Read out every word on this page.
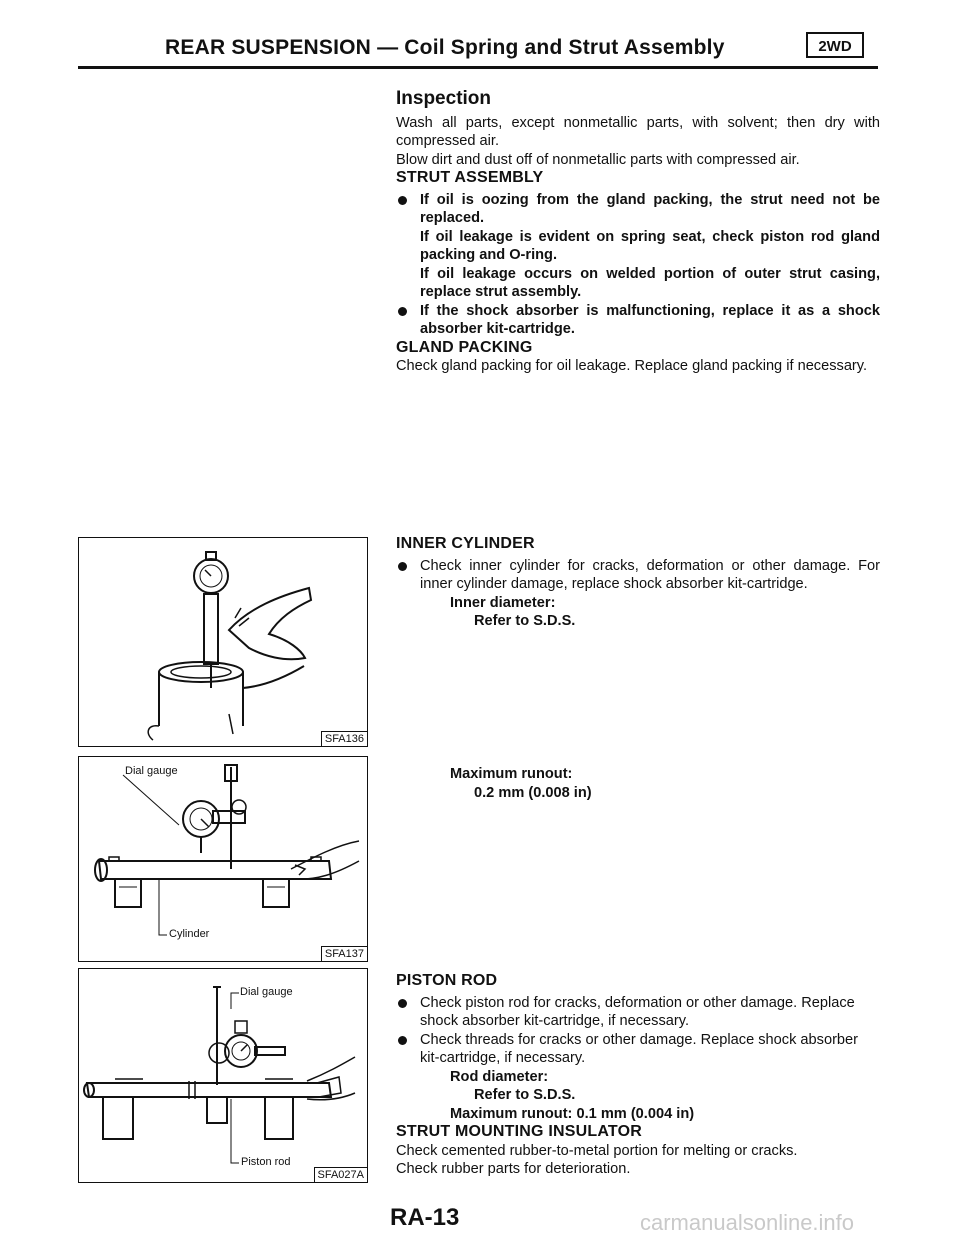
REAR SUSPENSION — Coil Spring and Strut Assembly	2WD
Inspection

Wash all parts, except nonmetallic parts, with solvent; then dry with compressed air.

Blow dirt and dust off of nonmetallic parts with compressed air.

STRUT ASSEMBLY

If oil is oozing from the gland packing, the strut need not be replaced.

If oil leakage is evident on spring seat, check piston rod gland packing and O-ring.

If oil leakage occurs on welded portion of outer strut casing, replace strut assembly.

If the shock absorber is malfunctioning, replace it as a shock absorber kit-cartridge.

GLAND PACKING

Check gland packing for oil leakage. Replace gland packing if necessary.

INNER CYLINDER

Check inner cylinder for cracks, deformation or other damage. For inner cylinder damage, replace shock absorber kit-cartridge.

Inner diameter:

Refer to S.D.S.

Maximum runout:

0.2 mm (0.008 in)

PISTON ROD

Check piston rod for cracks, deformation or other damage. Replace shock absorber kit-cartridge, if necessary.

Check threads for cracks or other damage. Replace shock absorber kit-cartridge, if necessary.

Rod diameter:

Refer to S.D.S.

Maximum runout: 0.1 mm (0.004 in)

STRUT MOUNTING INSULATOR

Check cemented rubber-to-metal portion for melting or cracks.

Check rubber parts for deterioration.

SFA136
Dial gauge
Cylinder
SFA137
Dial gauge
Piston rod
SFA027A
RA-13	carmanualsonline.info
